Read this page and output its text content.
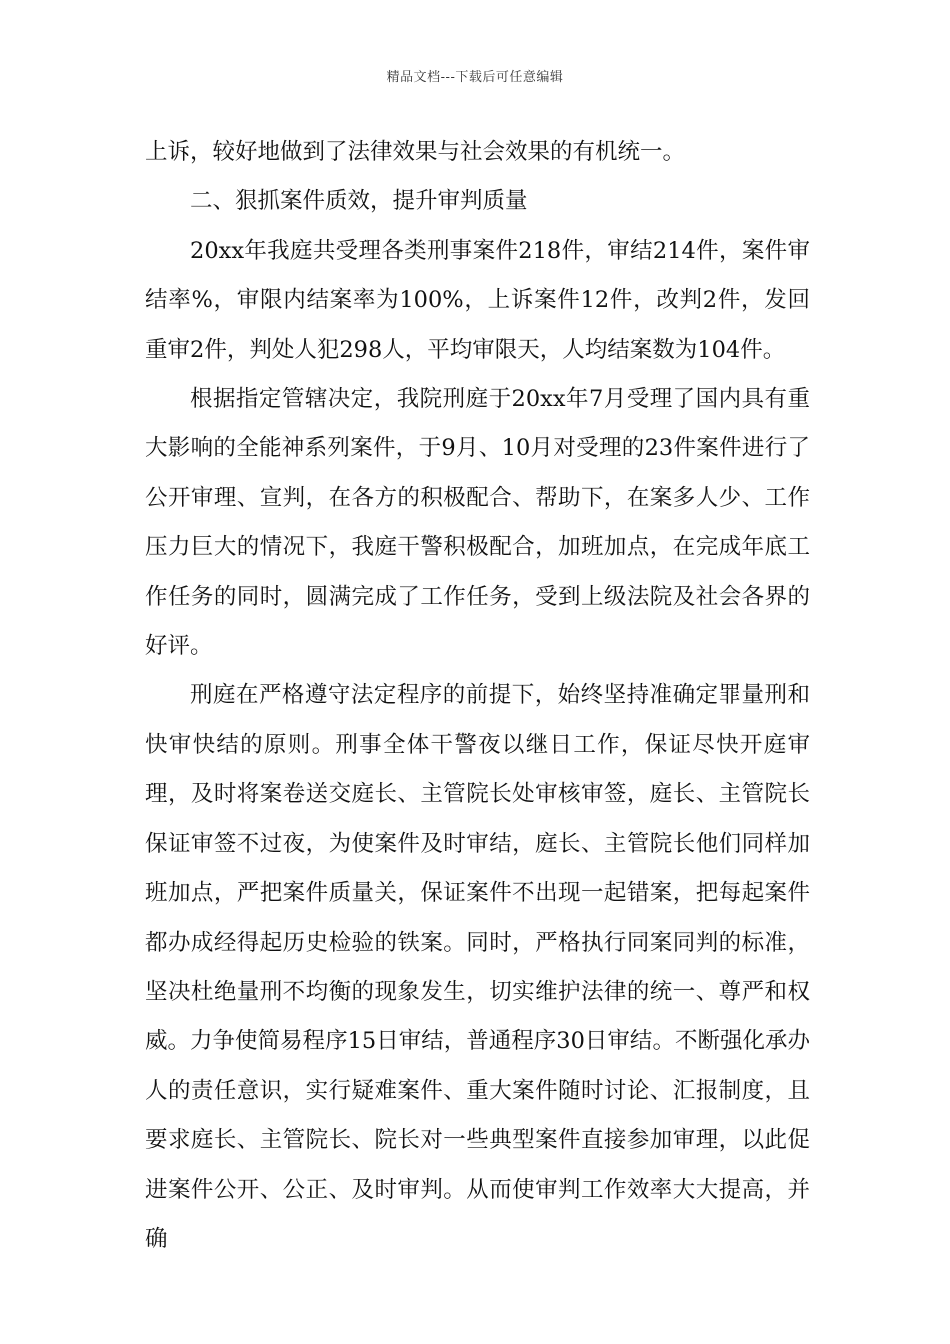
精品文档---下载后可任意编辑

上诉，较好地做到了法律效果与社会效果的有机统一。

二、狠抓案件质效，提升审判质量

20xx年我庭共受理各类刑事案件218件，审结214件，案件审结率%，审限内结案率为100%，上诉案件12件，改判2件，发回重审2件，判处人犯298人，平均审限天，人均结案数为104件。

根据指定管辖决定，我院刑庭于20xx年7月受理了国内具有重大影响的全能神系列案件，于9月、10月对受理的23件案件进行了公开审理、宣判，在各方的积极配合、帮助下，在案多人少、工作压力巨大的情况下，我庭干警积极配合，加班加点，在完成年底工作任务的同时，圆满完成了工作任务，受到上级法院及社会各界的好评。

刑庭在严格遵守法定程序的前提下，始终坚持准确定罪量刑和快审快结的原则。刑事全体干警夜以继日工作，保证尽快开庭审理，及时将案卷送交庭长、主管院长处审核审签，庭长、主管院长保证审签不过夜，为使案件及时审结，庭长、主管院长他们同样加班加点，严把案件质量关，保证案件不出现一起错案，把每起案件都办成经得起历史检验的铁案。同时，严格执行同案同判的标准，坚决杜绝量刑不均衡的现象发生，切实维护法律的统一、尊严和权威。力争使简易程序15日审结，普通程序30日审结。不断强化承办人的责任意识，实行疑难案件、重大案件随时讨论、汇报制度，且要求庭长、主管院长、院长对一些典型案件直接参加审理，以此促进案件公开、公正、及时审判。从而使审判工作效率大大提高，并确
